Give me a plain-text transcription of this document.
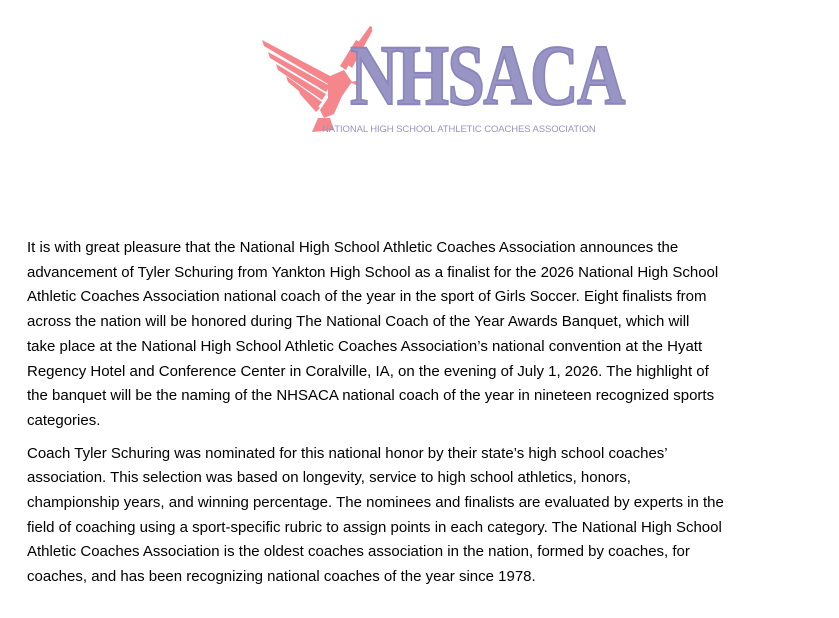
NHSACA
NATIONAL HIGH SCHOOL ATHLETIC COACHES ASSOCIATION

It is with great pleasure that the National High School Athletic Coaches Association announces the
advancement of Tyler Schuring from Yankton High School as a finalist for the 2026 National High School
Athletic Coaches Association national coach of the year in the sport of Girls Soccer. Eight finalists from
across the nation will be honored during The National Coach of the Year Awards Banquet, which will
take place at the National High School Athletic Coaches Association’s national convention at the Hyatt
Regency Hotel and Conference Center in Coralville, IA, on the evening of July 1, 2026. The highlight of
the banquet will be the naming of the NHSACA national coach of the year in nineteen recognized sports
categories.

Coach Tyler Schuring was nominated for this national honor by their state’s high school coaches’
association. This selection was based on longevity, service to high school athletics, honors,
championship years, and winning percentage. The nominees and finalists are evaluated by experts in the
field of coaching using a sport-specific rubric to assign points in each category. The National High School
Athletic Coaches Association is the oldest coaches association in the nation, formed by coaches, for
coaches, and has been recognizing national coaches of the year since 1978.
